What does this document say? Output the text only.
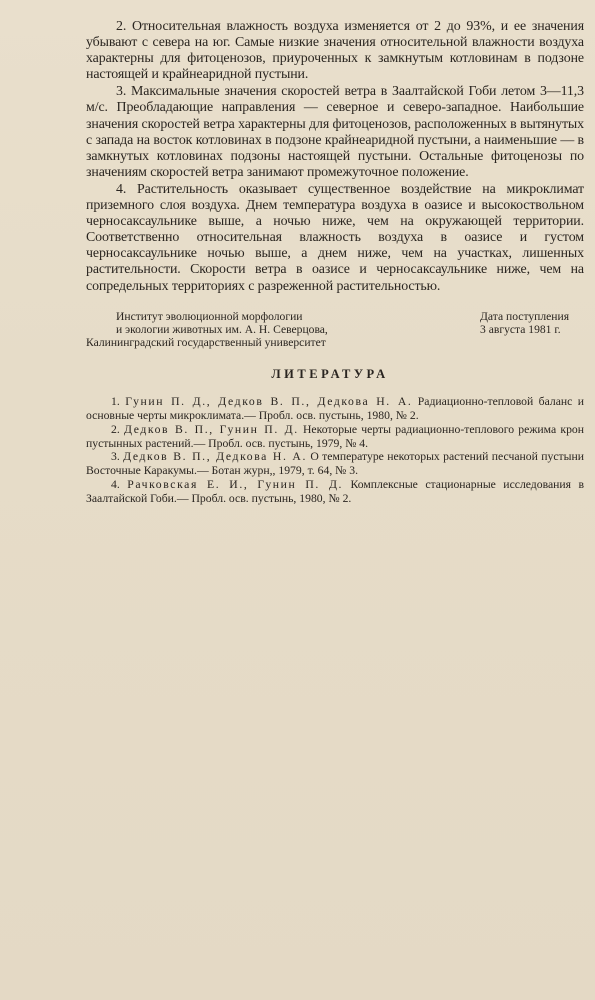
2. Относительная влажность воздуха изменяется от 2 до 93%, и ее значения убывают с севера на юг. Самые низкие значения относительной влажности воздуха характерны для фитоценозов, приуроченных к замкнутым котловинам в подзоне настоящей и крайнеаридной пустыни.

3. Максимальные значения скоростей ветра в Заалтайской Гоби летом 3—11,3 м/с. Преобладающие направления — северное и северо-западное. Наибольшие значения скоростей ветра характерны для фитоценозов, расположенных в вытянутых с запада на восток котловинах в подзоне крайнеаридной пустыни, а наименьшие — в замкнутых котловинах подзоны настоящей пустыни. Остальные фитоценозы по значениям скоростей ветра занимают промежуточное положение.

4. Растительность оказывает существенное воздействие на микроклимат приземного слоя воздуха. Днем температура воздуха в оазисе и высокоствольном черносаксаульнике выше, а ночью ниже, чем на окружающей территории. Соответственно относительная влажность воздуха в оазисе и густом черносаксаульнике ночью выше, а днем ниже, чем на участках, лишенных растительности. Скорости ветра в оазисе и черносаксаульнике ниже, чем на сопредельных территориях с разреженной растительностью.

Институт эволюционной морфологии
и экологии животных им. А. Н. Северцова,
Калининградский государственный университет
Дата поступления
3 августа 1981 г.
ЛИТЕРАТУРА

1. Гунин П. Д., Дедков В. П., Дедкова Н. А. Радиационно-тепловой баланс и основные черты микроклимата.— Пробл. осв. пустынь, 1980, № 2.

2. Дедков В. П., Гунин П. Д. Некоторые черты радиационно-теплового режима крон пустынных растений.— Пробл. осв. пустынь, 1979, № 4.

3. Дедков В. П., Дедкова Н. А. О температуре некоторых растений песчаной пустыни Восточные Каракумы.— Ботан журн,, 1979, т. 64, № 3.

4. Рачковская Е. И., Гунин П. Д. Комплексные стационарные исследования в Заалтайской Гоби.— Пробл. осв. пустынь, 1980, № 2.
